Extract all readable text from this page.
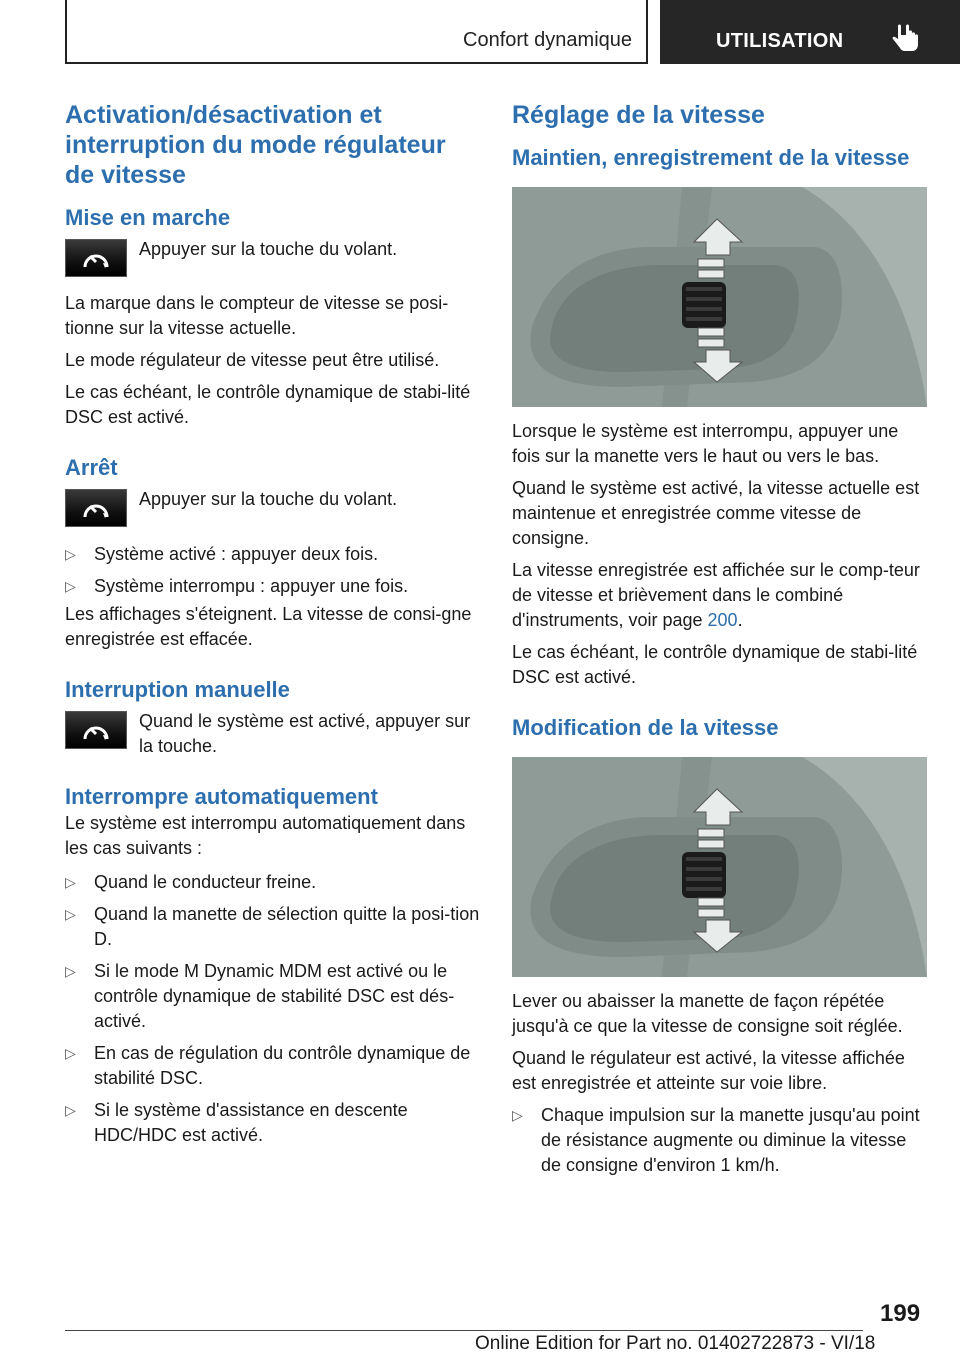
Confort dynamique	UTILISATION
Activation/désactivation et interruption du mode régulateur de vitesse
Mise en marche

Appuyer sur la touche du volant.

La marque dans le compteur de vitesse se posi-tionne sur la vitesse actuelle.

Le mode régulateur de vitesse peut être utilisé.

Le cas échéant, le contrôle dynamique de stabi-lité DSC est activé.

Arrêt

Appuyer sur la touche du volant.

▷ Système activé : appuyer deux fois.
▷ Système interrompu : appuyer une fois.

Les affichages s'éteignent. La vitesse de consi-gne enregistrée est effacée.

Interruption manuelle

Quand le système est activé, appuyer sur la touche.

Interrompre automatiquement

Le système est interrompu automatiquement dans les cas suivants :

▷ Quand le conducteur freine.
▷ Quand la manette de sélection quitte la posi-tion D.
▷ Si le mode M Dynamic MDM est activé ou le contrôle dynamique de stabilité DSC est dés-activé.
▷ En cas de régulation du contrôle dynamique de stabilité DSC.
▷ Si le système d'assistance en descente HDC/HDC est activé.
Réglage de la vitesse
Maintien, enregistrement de la vitesse

Lorsque le système est interrompu, appuyer une fois sur la manette vers le haut ou vers le bas.

Quand le système est activé, la vitesse actuelle est maintenue et enregistrée comme vitesse de consigne.

La vitesse enregistrée est affichée sur le comp-teur de vitesse et brièvement dans le combiné d'instruments, voir page 200.

Le cas échéant, le contrôle dynamique de stabi-lité DSC est activé.

Modification de la vitesse

Lever ou abaisser la manette de façon répétée jusqu'à ce que la vitesse de consigne soit réglée.

Quand le régulateur est activé, la vitesse affichée est enregistrée et atteinte sur voie libre.

▷ Chaque impulsion sur la manette jusqu'au point de résistance augmente ou diminue la vitesse de consigne d'environ 1 km/h.
199
Online Edition for Part no. 01402722873 - VI/18
